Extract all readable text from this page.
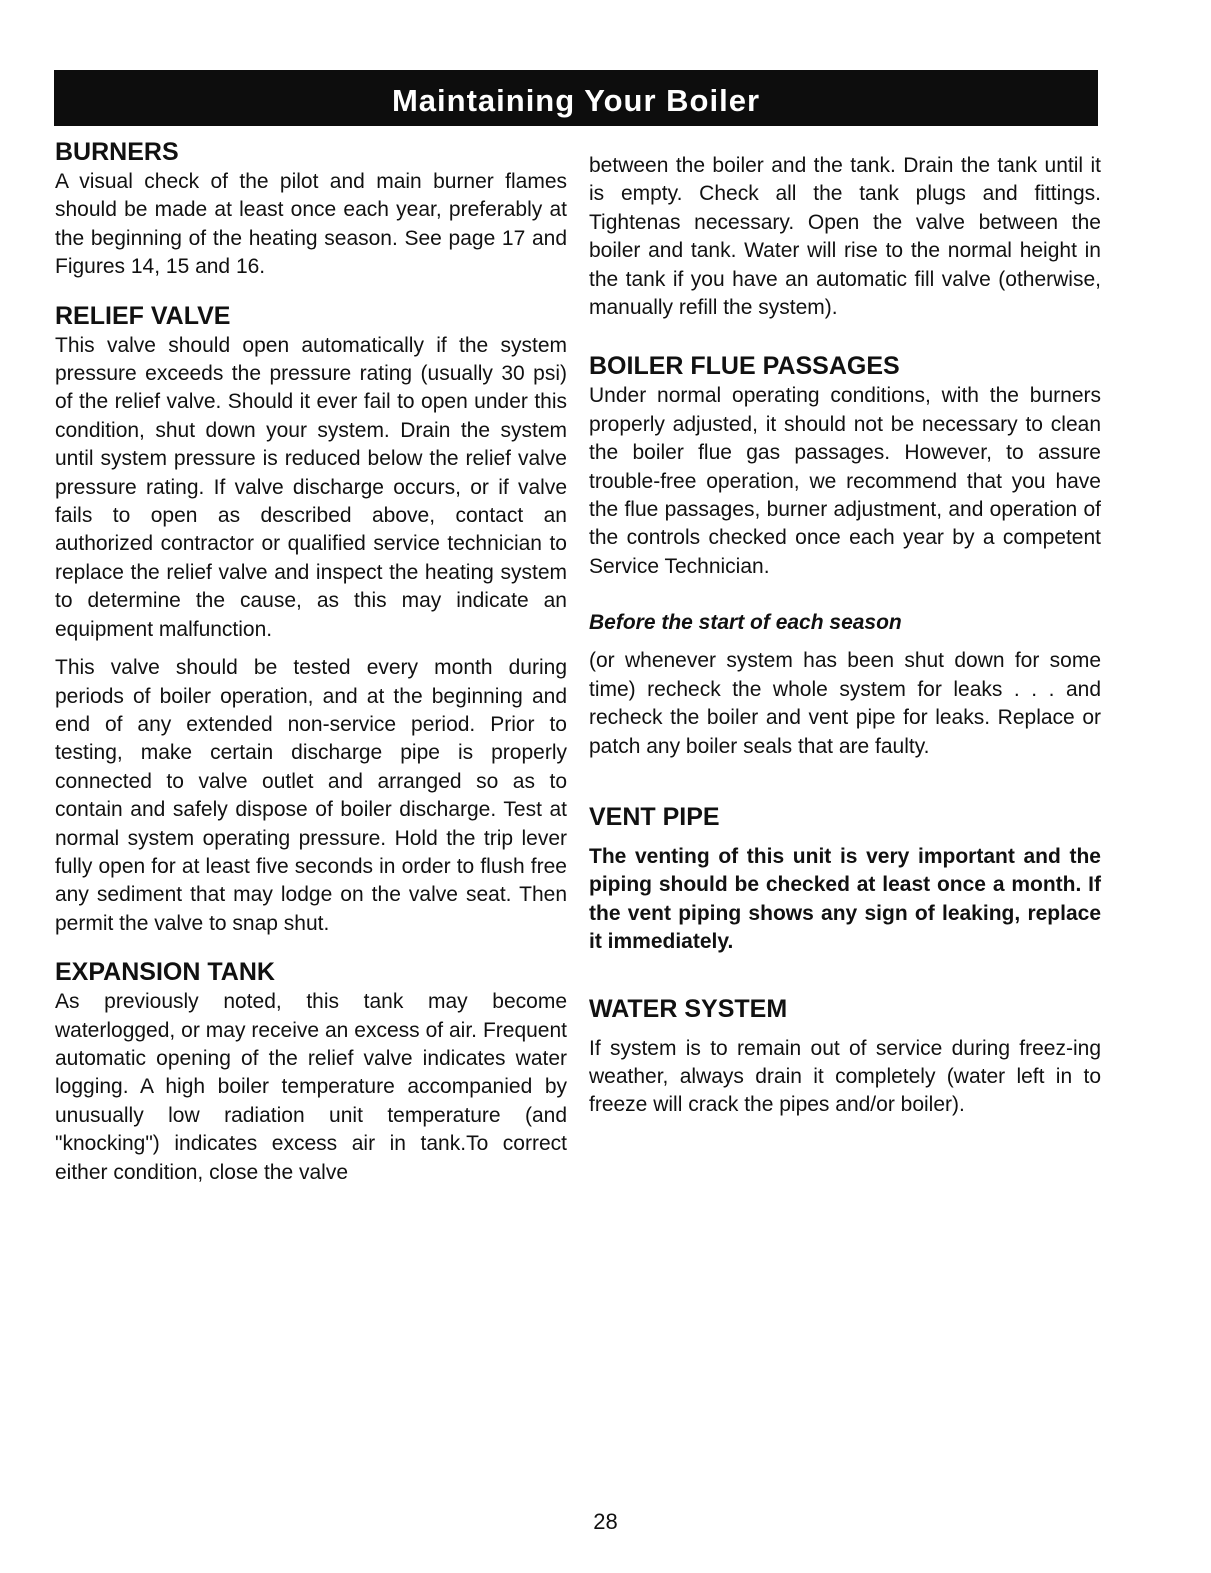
Maintaining Your Boiler
BURNERS

A visual check of the pilot and main burner flames should be made at least once each year, preferably at the beginning of the heating season. See page 17 and Figures 14, 15 and 16.

RELIEF VALVE

This valve should open automatically if the system pressure exceeds the pressure rating (usually 30 psi) of the relief valve. Should it ever fail to open under this condition, shut down your system. Drain the system until system pressure is reduced below the relief valve pressure rating. If valve discharge occurs, or if valve fails to open as described above, contact an authorized contractor or qualified service technician to replace the relief valve and inspect the heating system to determine the cause, as this may indicate an equipment malfunction.

This valve should be tested every month during periods of boiler operation, and at the beginning and end of any extended non-service period. Prior to testing, make certain discharge pipe is properly connected to valve outlet and arranged so as to contain and safely dispose of boiler discharge. Test at normal system operating pressure. Hold the trip lever fully open for at least five seconds in order to flush free any sediment that may lodge on the valve seat. Then permit the valve to snap shut.

EXPANSION TANK

As previously noted, this tank may become waterlogged, or may receive an excess of air. Frequent automatic opening of the relief valve indicates water logging. A high boiler temperature accompanied by unusually low radiation unit temperature (and "knocking") indicates excess air in tank.To correct either condition, close the valve

between the boiler and the tank. Drain the tank until it is empty. Check all the tank plugs and fittings. Tightenas necessary. Open the valve between the boiler and tank. Water will rise to the normal height in the tank if you have an automatic fill valve (otherwise, manually refill the system).

BOILER FLUE PASSAGES

Under normal operating conditions, with the burners properly adjusted, it should not be necessary to clean the boiler flue gas passages. However, to assure trouble-free operation, we recommend that you have the flue passages, burner adjustment, and operation of the controls checked once each year by a competent Service Technician.

Before the start of each season

(or whenever system has been shut down for some time) recheck the whole system for leaks . . . and recheck the boiler and vent pipe for leaks. Replace or patch any boiler seals that are faulty.

VENT PIPE

The venting of this unit is very important and the piping should be checked at least once a month. If the vent piping shows any sign of leaking, replace it immediately.

WATER SYSTEM

If system is to remain out of service during freez-ing weather, always drain it completely (water left in to freeze will crack the pipes and/or boiler).

28
